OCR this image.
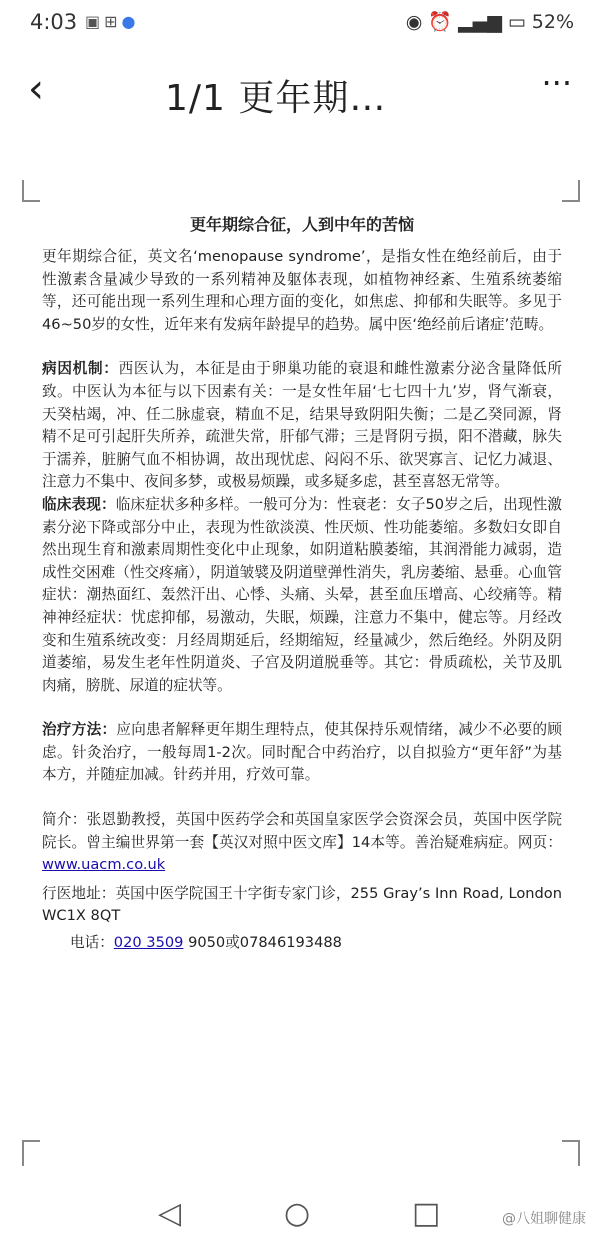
4:03 ▣ ⊞ ●	◉ ⏰ ▂▄▆ ▭ 52%
‹	1/1 更年期…	···
更年期综合征，人到中年的苦恼

更年期综合征，英文名‘menopause syndrome’，是指女性在绝经前后，由于性激素含量减少导致的一系列精神及躯体表现，如植物神经紊、生殖系统萎缩等，还可能出现一系列生理和心理方面的变化，如焦虑、抑郁和失眠等。多见于46~50岁的女性，近年来有发病年龄提早的趋势。属中医‘绝经前后诸症’范畴。

病因机制：西医认为，本征是由于卵巢功能的衰退和雌性激素分泌含量降低所致。中医认为本征与以下因素有关：一是女性年届‘七七四十九’岁，肾气渐衰，天癸枯竭，冲、任二脉虚衰，精血不足，结果导致阴阳失衡；二是乙癸同源，肾精不足可引起肝失所养，疏泄失常，肝郁气滞；三是肾阴亏损，阳不潜藏，脉失于濡养，脏腑气血不相协调，故出现忧虑、闷闷不乐、欲哭寡言、记忆力减退、注意力不集中、夜间多梦，或极易烦躁，或多疑多虑，甚至喜怒无常等。

临床表现：临床症状多种多样。一般可分为：性衰老：女子50岁之后，出现性激素分泌下降或部分中止，表现为性欲淡漠、性厌烦、性功能萎缩。多数妇女即自然出现生育和激素周期性变化中止现象，如阴道粘膜萎缩，其润滑能力减弱，造成性交困难（性交疼痛），阴道皱襞及阴道壁弹性消失，乳房萎缩、悬垂。心血管症状：潮热面红、轰然汗出、心悸、头痛、头晕，甚至血压增高、心绞痛等。精神神经症状：忧虑抑郁，易激动，失眠，烦躁，注意力不集中，健忘等。月经改变和生殖系统改变：月经周期延后，经期缩短，经量减少，然后绝经。外阴及阴道萎缩，易发生老年性阴道炎、子宫及阴道脱垂等。其它：骨质疏松，关节及肌肉痛，膀胱、尿道的症状等。

治疗方法：应向患者解释更年期生理特点，使其保持乐观情绪，减少不必要的顾虑。针灸治疗，一般每周1-2次。同时配合中药治疗，以自拟验方“更年舒”为基本方，并随症加减。针药并用，疗效可靠。

简介：张恩勤教授，英国中医药学会和英国皇家医学会资深会员，英国中医学院院长。曾主编世界第一套【英汉对照中医文库】14本等。善治疑难病症。网页：www.uacm.co.uk

行医地址：英国中医学院国王十字街专家门诊，255 Gray’s Inn Road, London WC1X 8QT

电话：020 3509 9050或07846193488

◁	○	□	@八姐聊健康
